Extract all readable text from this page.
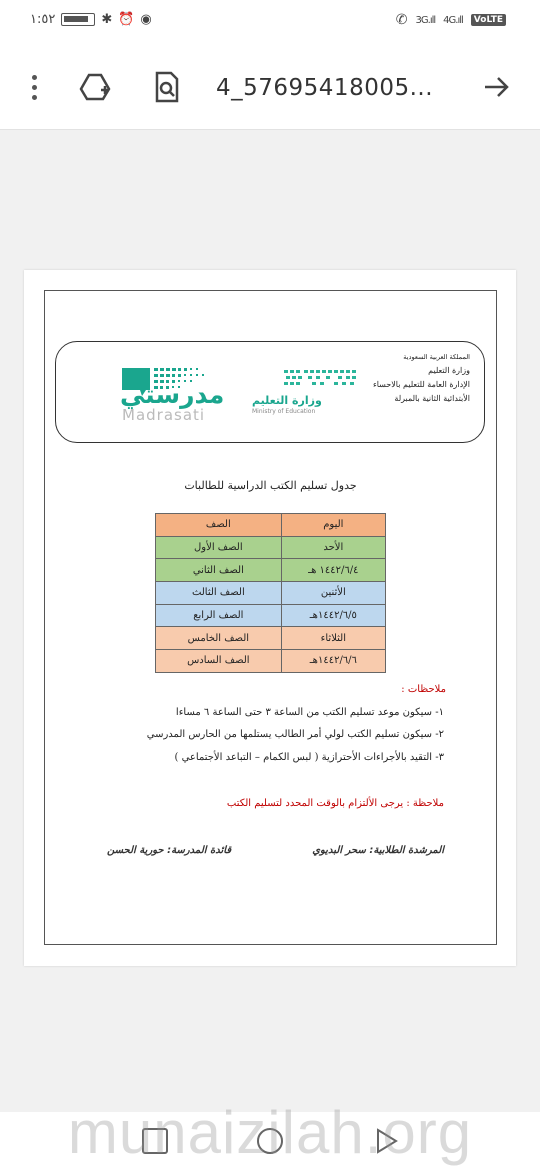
١:٥٢	✱ ⏰ ◉	✆ 3G.ıll 4G.ıll	VoLTE
4_57695418005...
المملكة العربية السعودية
وزارة التعليم
الإدارة العامة للتعليم بالاحساء
الأبتدائية الثانية بالمبرلة
وزارة التعليم
Ministry of Education
مدرستي
Madrasati
جدول تسليم الكتب الدراسية للطالبات
اليوم	الصف
الأحد	الصف الأول
١٤٤٢/٦/٤ هـ	الصف الثاني
الأثنين	الصف الثالث
١٤٤٢/٦/٥هـ	الصف الرابع
الثلاثاء	الصف الخامس
١٤٤٢/٦/٦هـ	الصف السادس
ملاحظات :
١- سيكون موعد تسليم الكتب من الساعة ٣ حتى الساعة ٦ مساءا
٢- سيكون تسليم الكتب لولي أمر الطالب يستلمها من الحارس المدرسي
٣- التقيد بالأجراءات الأحترازية ( لبس الكمام – التباعد الأجتماعي )
ملاحظة : يرجى الألتزام بالوقت المحدد لتسليم الكتب
المرشدة الطلابية: سحر البديوي
قائدة المدرسة: حورية الحسن
munaizilah.org
